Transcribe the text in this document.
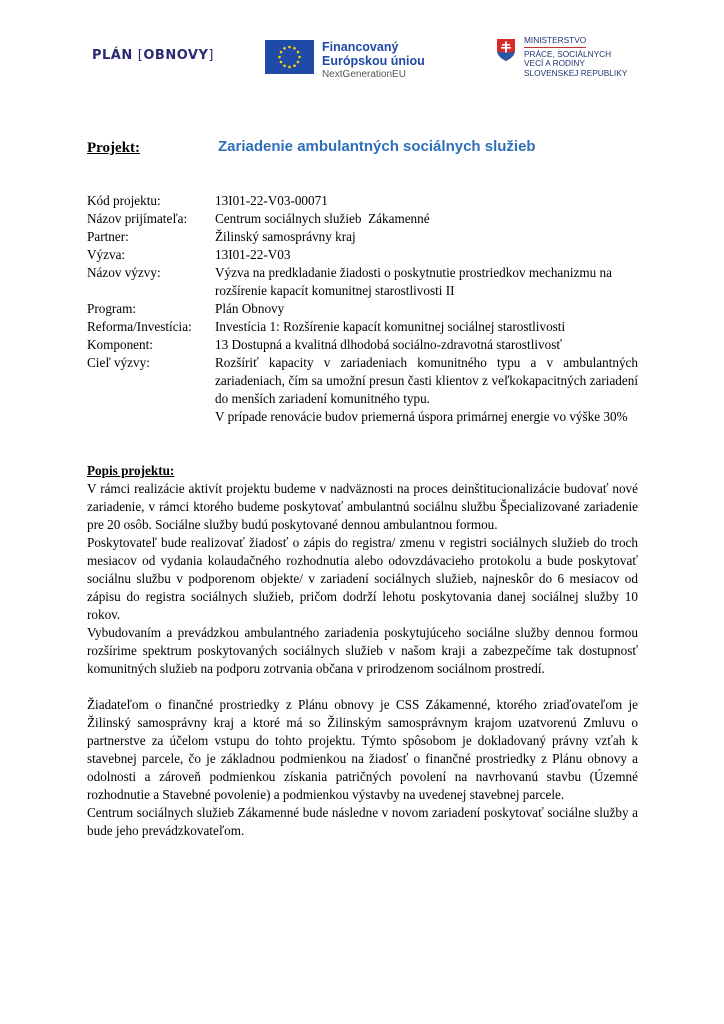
PLÁN [OBNOVY]
Financovaný
Európskou úniou
NextGenerationEU
MINISTERSTVO
PRÁCE, SOCIÁLNYCH
VECÍ A RODINY
SLOVENSKEJ REPUBLIKY
Projekt:	Zariadenie ambulantných sociálnych služieb
Kód projektu:	13I01-22-V03-00071
Názov prijímateľa:	Centrum sociálnych služieb  Zákamenné
Partner:	Žilinský samosprávny kraj
Výzva:	13I01-22-V03
Názov výzvy:	Výzva na predkladanie žiadosti o poskytnutie prostriedkov mechanizmu na rozšírenie kapacít komunitnej starostlivosti II
Program:	Plán Obnovy
Reforma/Investícia:	Investícia 1: Rozšírenie kapacít komunitnej sociálnej starostlivosti
Komponent:	13 Dostupná a kvalitná dlhodobá sociálno-zdravotná starostlivosť
Cieľ výzvy:	Rozšíriť kapacity v zariadeniach komunitného typu a v ambulantných zariadeniach, čím sa umožní presun časti klientov z veľkokapacitných zariadení do menších zariadení komunitného typu.
V prípade renovácie budov priemerná úspora primárnej energie vo výške 30%
Popis projektu:

V rámci realizácie aktivít projektu budeme v nadväznosti na proces deinštitucionalizácie budovať nové zariadenie, v rámci ktorého budeme poskytovať ambulantnú sociálnu službu Špecializované zariadenie pre 20 osôb. Sociálne služby budú poskytované dennou ambulantnou formou.

Poskytovateľ bude realizovať žiadosť o zápis do registra/ zmenu v registri sociálnych služieb do troch mesiacov od vydania kolaudačného rozhodnutia alebo odovzdávacieho protokolu a bude poskytovať sociálnu službu v podporenom objekte/ v zariadení sociálnych služieb, najneskôr do 6 mesiacov od zápisu do registra sociálnych služieb, pričom dodrží lehotu poskytovania danej sociálnej služby 10 rokov.

Vybudovaním a prevádzkou ambulantného zariadenia poskytujúceho sociálne služby dennou formou rozšírime spektrum poskytovaných sociálnych služieb v našom kraji a zabezpečíme tak dostupnosť komunitných služieb na podporu zotrvania občana v prirodzenom sociálnom prostredí.

Žiadateľom o finančné prostriedky z Plánu obnovy je CSS Zákamenné, ktorého zriaďovateľom je Žilinský samosprávny kraj a ktoré má so Žilinským samosprávnym krajom uzatvorenú Zmluvu o partnerstve za účelom vstupu do tohto projektu. Týmto spôsobom je dokladovaný právny vzťah k stavebnej parcele, čo je základnou podmienkou na žiadosť o finančné prostriedky z Plánu obnovy a odolnosti a zároveň podmienkou získania patričných povolení na navrhovanú stavbu (Územné rozhodnutie a Stavebné povolenie) a podmienkou výstavby na uvedenej stavebnej parcele.

Centrum sociálnych služieb Zákamenné bude následne v novom zariadení poskytovať sociálne služby a bude jeho prevádzkovateľom.
